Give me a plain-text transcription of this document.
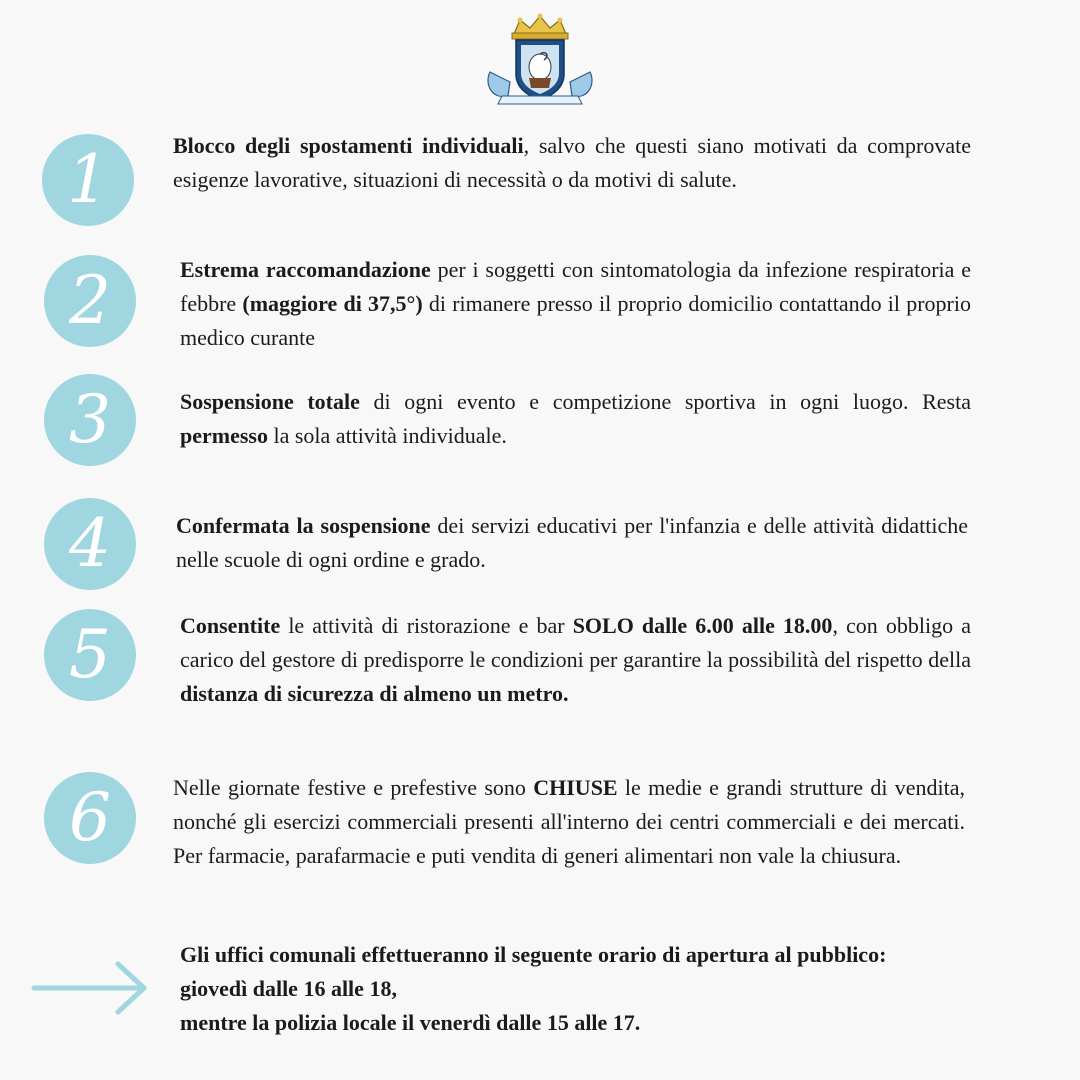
1	Blocco degli spostamenti individuali, salvo che questi siano motivati da comprovate esigenze lavorative, situazioni di necessità o da motivi di salute.

2	Estrema raccomandazione per i soggetti con sintomatologia da infezione respiratoria e febbre (maggiore di 37,5°) di rimanere presso il proprio domicilio contattando il proprio medico curante

3	Sospensione totale di ogni evento e competizione sportiva in ogni luogo. Resta permesso la sola attività individuale.

4	Confermata la sospensione dei servizi educativi per l'infanzia e delle attività didattiche nelle scuole di ogni ordine e grado.

5	Consentite le attività di ristorazione e bar SOLO dalle 6.00 alle 18.00, con obbligo a carico del gestore di predisporre le condizioni per garantire la possibilità del rispetto della distanza di sicurezza di almeno un metro.

6	Nelle giornate festive e prefestive sono CHIUSE le medie e grandi strutture di vendita, nonché gli esercizi commerciali presenti all'interno dei centri commerciali e dei mercati. Per farmacie, parafarmacie e puti vendita di generi alimentari non vale la chiusura.

Gli uffici comunali effettueranno il seguente orario di apertura al pubblico:
giovedì dalle 16 alle 18,
mentre la polizia locale il venerdì dalle 15 alle 17.
